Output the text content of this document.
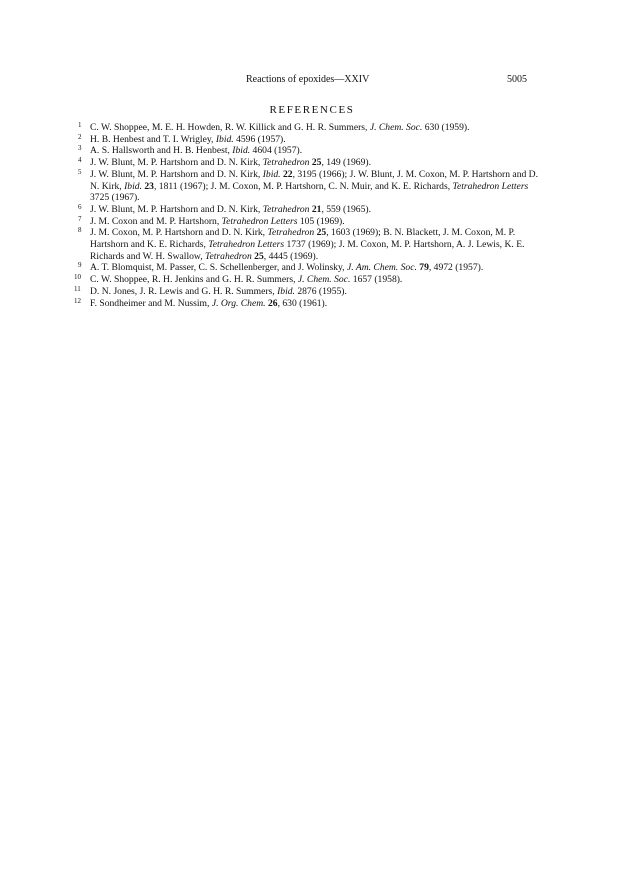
Reactions of epoxides—XXIV	5005
REFERENCES
1 C. W. Shoppee, M. E. H. Howden, R. W. Killick and G. H. R. Summers, J. Chem. Soc. 630 (1959).
2 H. B. Henbest and T. I. Wrigley, Ibid. 4596 (1957).
3 A. S. Hallsworth and H. B. Henbest, Ibid. 4604 (1957).
4 J. W. Blunt, M. P. Hartshorn and D. N. Kirk, Tetrahedron 25, 149 (1969).
5 J. W. Blunt, M. P. Hartshorn and D. N. Kirk, Ibid. 22, 3195 (1966); J. W. Blunt, J. M. Coxon, M. P. Hartshorn and D. N. Kirk, Ibid. 23, 1811 (1967); J. M. Coxon, M. P. Hartshorn, C. N. Muir, and K. E. Richards, Tetrahedron Letters 3725 (1967).
6 J. W. Blunt, M. P. Hartshorn and D. N. Kirk, Tetrahedron 21, 559 (1965).
7 J. M. Coxon and M. P. Hartshorn, Tetrahedron Letters 105 (1969).
8 J. M. Coxon, M. P. Hartshorn and D. N. Kirk, Tetrahedron 25, 1603 (1969); B. N. Blackett, J. M. Coxon, M. P. Hartshorn and K. E. Richards, Tetrahedron Letters 1737 (1969); J. M. Coxon, M. P. Hartshorn, A. J. Lewis, K. E. Richards and W. H. Swallow, Tetrahedron 25, 4445 (1969).
9 A. T. Blomquist, M. Passer, C. S. Schellenberger, and J. Wolinsky, J. Am. Chem. Soc. 79, 4972 (1957).
10 C. W. Shoppee, R. H. Jenkins and G. H. R. Summers, J. Chem. Soc. 1657 (1958).
11 D. N. Jones, J. R. Lewis and G. H. R. Summers, Ibid. 2876 (1955).
12 F. Sondheimer and M. Nussim, J. Org. Chem. 26, 630 (1961).
